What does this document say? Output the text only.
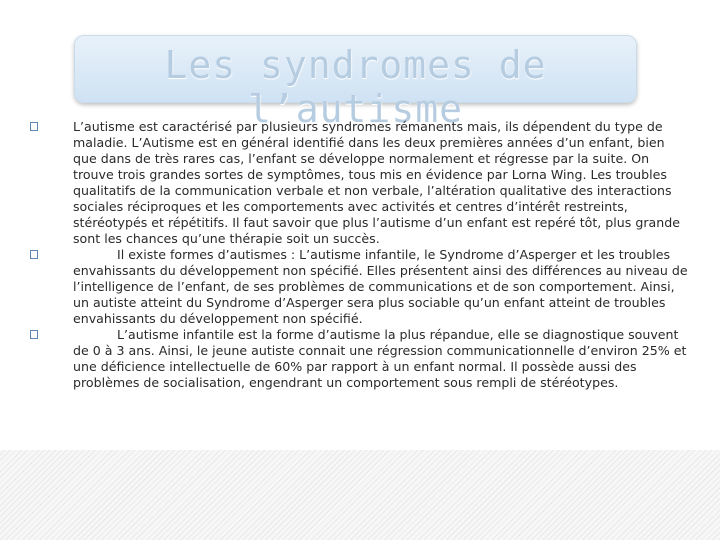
Les syndromes de l’autisme
L’autisme est caractérisé par plusieurs syndromes rémanents mais, ils dépendent du type de maladie. L’Autisme est en général identifié dans les deux premières années d’un enfant, bien que dans de très rares cas, l’enfant se développe normalement et régresse par la suite. On trouve trois grandes sortes de symptômes, tous mis en évidence par Lorna Wing. Les troubles qualitatifs de la communication verbale et non verbale, l’altération qualitative des interactions sociales réciproques et les comportements avec activités et centres d’intérêt restreints, stéréotypés et répétitifs. Il faut savoir que plus l’autisme d’un enfant est repéré tôt, plus grande sont les chances qu’une thérapie soit un succès.
Il existe formes d’autismes : L’autisme infantile, le Syndrome d’Asperger et les troubles envahissants du développement non spécifié. Elles présentent ainsi des différences au niveau de l’intelligence de l’enfant, de ses problèmes de communications et de son comportement. Ainsi, un autiste atteint du Syndrome d’Asperger sera plus sociable qu’un enfant atteint de troubles envahissants du développement non spécifié.
L’autisme infantile est la forme d’autisme la plus répandue, elle se diagnostique souvent de 0 à 3 ans. Ainsi, le jeune autiste connait une régression communicationnelle d’environ 25% et une déficience intellectuelle de 60% par rapport à un enfant normal. Il possède aussi des problèmes de socialisation, engendrant un comportement sous rempli de stéréotypes.
